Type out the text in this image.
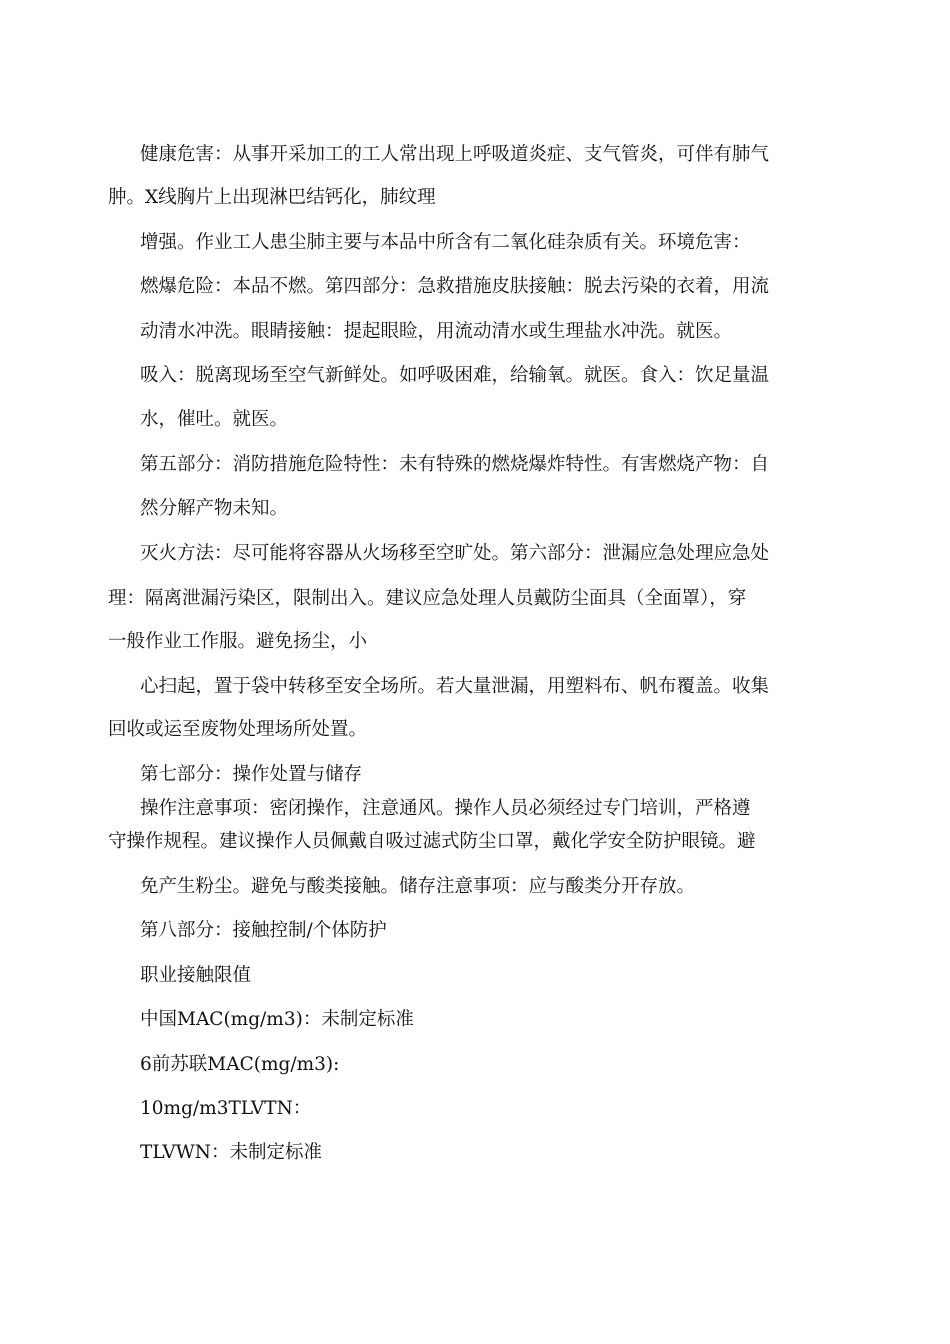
健康危害：从事开采加工的工人常出现上呼吸道炎症、支气管炎，可伴有肺气
肿。X线胸片上出现淋巴结钙化，肺纹理
增强。作业工人患尘肺主要与本品中所含有二氧化硅杂质有关。环境危害：
燃爆危险：本品不燃。第四部分：急救措施皮肤接触：脱去污染的衣着，用流
动清水冲洗。眼睛接触：提起眼睑，用流动清水或生理盐水冲洗。就医。
吸入：脱离现场至空气新鲜处。如呼吸困难，给输氧。就医。食入：饮足量温
水，催吐。就医。
第五部分：消防措施危险特性：未有特殊的燃烧爆炸特性。有害燃烧产物：自
然分解产物未知。
灭火方法：尽可能将容器从火场移至空旷处。第六部分：泄漏应急处理应急处
理：隔离泄漏污染区，限制出入。建议应急处理人员戴防尘面具（全面罩），穿
一般作业工作服。避免扬尘，小
心扫起，置于袋中转移至安全场所。若大量泄漏，用塑料布、帆布覆盖。收集
回收或运至废物处理场所处置。
第七部分：操作处置与储存
操作注意事项：密闭操作，注意通风。操作人员必须经过专门培训，严格遵
守操作规程。建议操作人员佩戴自吸过滤式防尘口罩，戴化学安全防护眼镜。避
免产生粉尘。避免与酸类接触。储存注意事项：应与酸类分开存放。
第八部分：接触控制/个体防护
职业接触限值
中国MAC(mg/m3)：未制定标准
6前苏联MAC(mg/m3):
10mg/m3TLVTN：
TLVWN：未制定标准
